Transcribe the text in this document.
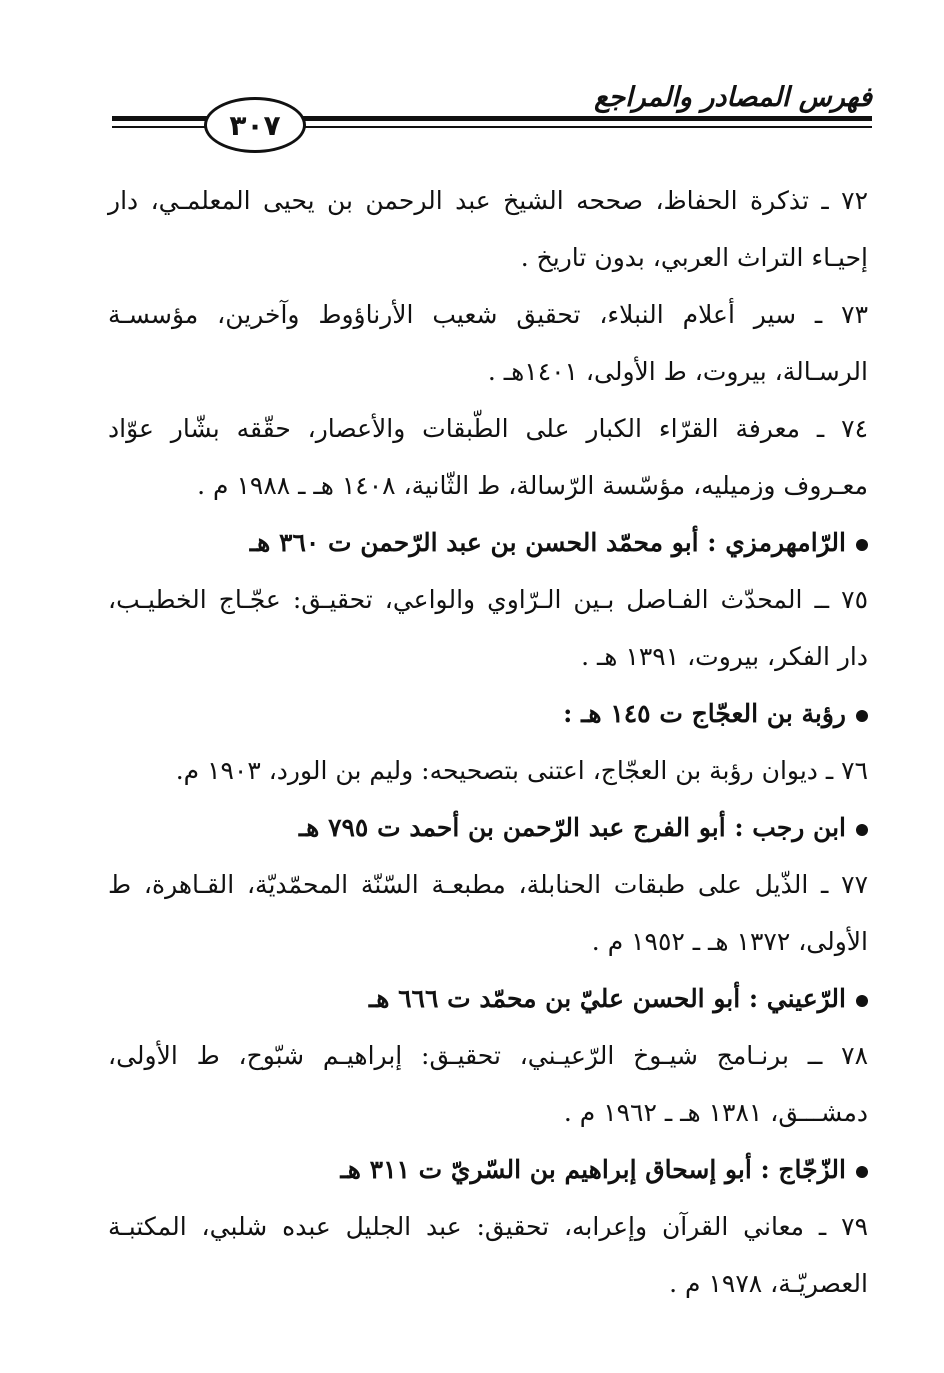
فهرس المصادر والمراجع
٣٠٧

٧٢ ـ تذكرة الحفاظ، صححه الشيخ عبد الرحمن بن يحيى المعلمـي، دار إحيـاء التراث العربي، بدون تاريخ .

٧٣ ـ سير أعلام النبلاء، تحقيق شعيب الأرناؤوط وآخرين، مؤسسـة الرسـالة، بيروت، ط الأولى، ١٤٠١هـ .

٧٤ ـ معرفة القرّاء الكبار على الطّبقات والأعصار، حقّقه بشّار عوّاد معـروف وزميليه، مؤسّسة الرّسالة، ط الثّانية، ١٤٠٨ هـ ـ ١٩٨٨ م .

الرّامهرمزي : أبو محمّد الحسن بن عبد الرّحمن ت ٣٦٠ هـ

٧٥ ــ المحدّث الفـاصل بـين الـرّاوي والواعي، تحقيـق: عجّـاج الخطيـب، دار الفكر، بيروت، ١٣٩١ هـ .

رؤبة بن العجّاج ت ١٤٥ هـ :

٧٦ ـ ديوان رؤبة بن العجّاج، اعتنى بتصحيحه: وليم بن الورد، ١٩٠٣ م.

ابن رجب : أبو الفرج عبد الرّحمن بن أحمد ت ٧٩٥ هـ

٧٧ ـ الذّيل على طبقات الحنابلة، مطبعـة السّنّة المحمّديّة، القـاهرة، ط الأولى، ١٣٧٢ هـ ـ ١٩٥٢ م .

الرّعيني : أبو الحسن عليّ بن محمّد ت ٦٦٦ هـ

٧٨ ــ برنـامج شيـوخ الرّعيـني، تحقيـق: إبراهيـم شبّوح، ط الأولى، دمشـــق، ١٣٨١ هـ ـ ١٩٦٢ م .

الزّجّاج : أبو إسحاق إبراهيم بن السّريّ ت ٣١١ هـ

٧٩ ـ معاني القرآن وإعرابه، تحقيق: عبد الجليل عبده شلبي، المكتبـة العصريّـة، ١٩٧٨ م .
